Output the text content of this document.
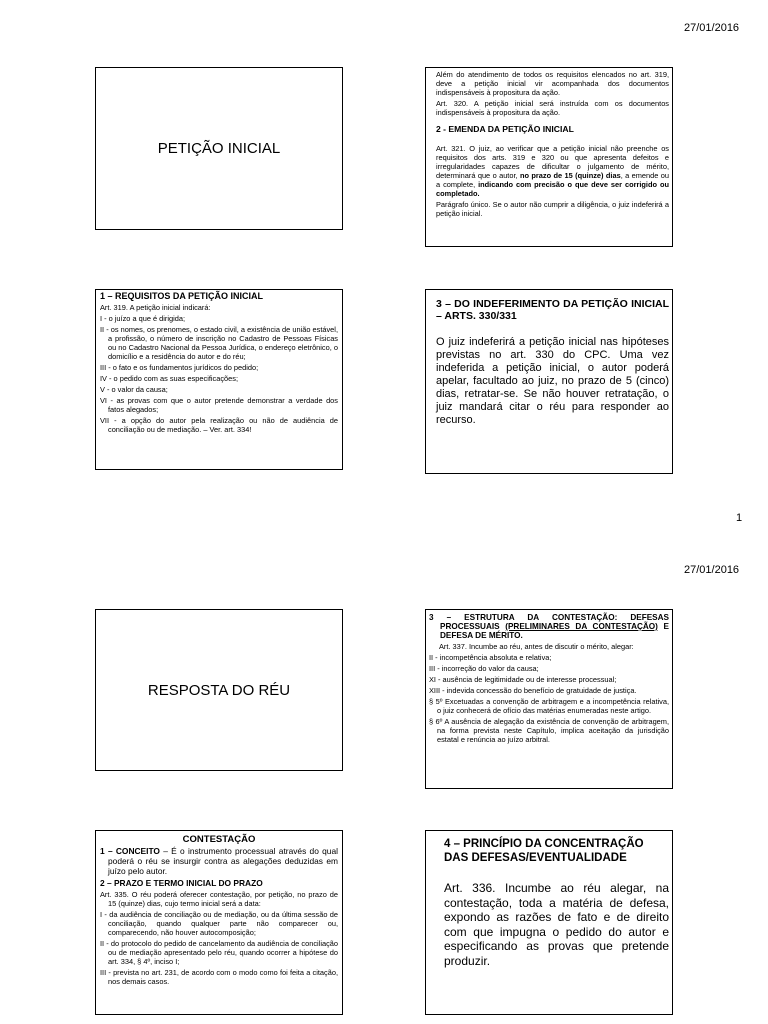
27/01/2016
PETIÇÃO INICIAL

Além do atendimento de todos os requisitos elencados no art. 319, deve a petição inicial vir acompanhada dos documentos indispensáveis à propositura da ação.

Art. 320. A petição inicial será instruída com os documentos indispensáveis à propositura da ação.

2 - EMENDA DA PETIÇÃO INICIAL

Art. 321. O juiz, ao verificar que a petição inicial não preenche os requisitos dos arts. 319 e 320 ou que apresenta defeitos e irregularidades capazes de dificultar o julgamento de mérito, determinará que o autor, no prazo de 15 (quinze) dias, a emende ou a complete, indicando com precisão o que deve ser corrigido ou completado.

Parágrafo único. Se o autor não cumprir a diligência, o juiz indeferirá a petição inicial.

1 – REQUISITOS DA PETIÇÃO INICIAL

Art. 319. A petição inicial indicará:

I - o juízo a que é dirigida;

II - os nomes, os prenomes, o estado civil, a existência de união estável, a profissão, o número de inscrição no Cadastro de Pessoas Físicas ou no Cadastro Nacional da Pessoa Jurídica, o endereço eletrônico, o domicílio e a residência do autor e do réu;

III - o fato e os fundamentos jurídicos do pedido;

IV - o pedido com as suas especificações;

V - o valor da causa;

VI - as provas com que o autor pretende demonstrar a verdade dos fatos alegados;

VII - a opção do autor pela realização ou não de audiência de conciliação ou de mediação. – Ver. art. 334!

3 – DO INDEFERIMENTO DA PETIÇÃO INICIAL – ARTS. 330/331
O juiz indeferirá a petição inicial nas hipóteses previstas no art. 330 do CPC. Uma vez indeferida a petição inicial, o autor poderá apelar, facultado ao juiz, no prazo de 5 (cinco) dias, retratar-se. Se não houver retratação, o juiz mandará citar o réu para responder ao recurso.
1
27/01/2016
RESPOSTA DO RÉU

3 – ESTRUTURA DA CONTESTAÇÃO: DEFESAS PROCESSUAIS (PRELIMINARES DA CONTESTAÇÃO) E DEFESA DE MÉRITO.

Art. 337. Incumbe ao réu, antes de discutir o mérito, alegar:

II - incompetência absoluta e relativa;

III - incorreção do valor da causa;

XI - ausência de legitimidade ou de interesse processual;

XIII - indevida concessão do benefício de gratuidade de justiça.

§ 5º Excetuadas a convenção de arbitragem e a incompetência relativa, o juiz conhecerá de ofício das matérias enumeradas neste artigo.

§ 6º A ausência de alegação da existência de convenção de arbitragem, na forma prevista neste Capítulo, implica aceitação da jurisdição estatal e renúncia ao juízo arbitral.

CONTESTAÇÃO

1 – CONCEITO – É o instrumento processual através do qual poderá o réu se insurgir contra as alegações deduzidas em juízo pelo autor.

2 – PRAZO E TERMO INICIAL DO PRAZO

Art. 335. O réu poderá oferecer contestação, por petição, no prazo de 15 (quinze) dias, cujo termo inicial será a data:

I - da audiência de conciliação ou de mediação, ou da última sessão de conciliação, quando qualquer parte não comparecer ou, comparecendo, não houver autocomposição;

II - do protocolo do pedido de cancelamento da audiência de conciliação ou de mediação apresentado pelo réu, quando ocorrer a hipótese do art. 334, § 4º, inciso I;

III - prevista no art. 231, de acordo com o modo como foi feita a citação, nos demais casos.

4 – PRINCÍPIO DA CONCENTRAÇÃO DAS DEFESAS/EVENTUALIDADE
Art. 336. Incumbe ao réu alegar, na contestação, toda a matéria de defesa, expondo as razões de fato e de direito com que impugna o pedido do autor e especificando as provas que pretende produzir.
